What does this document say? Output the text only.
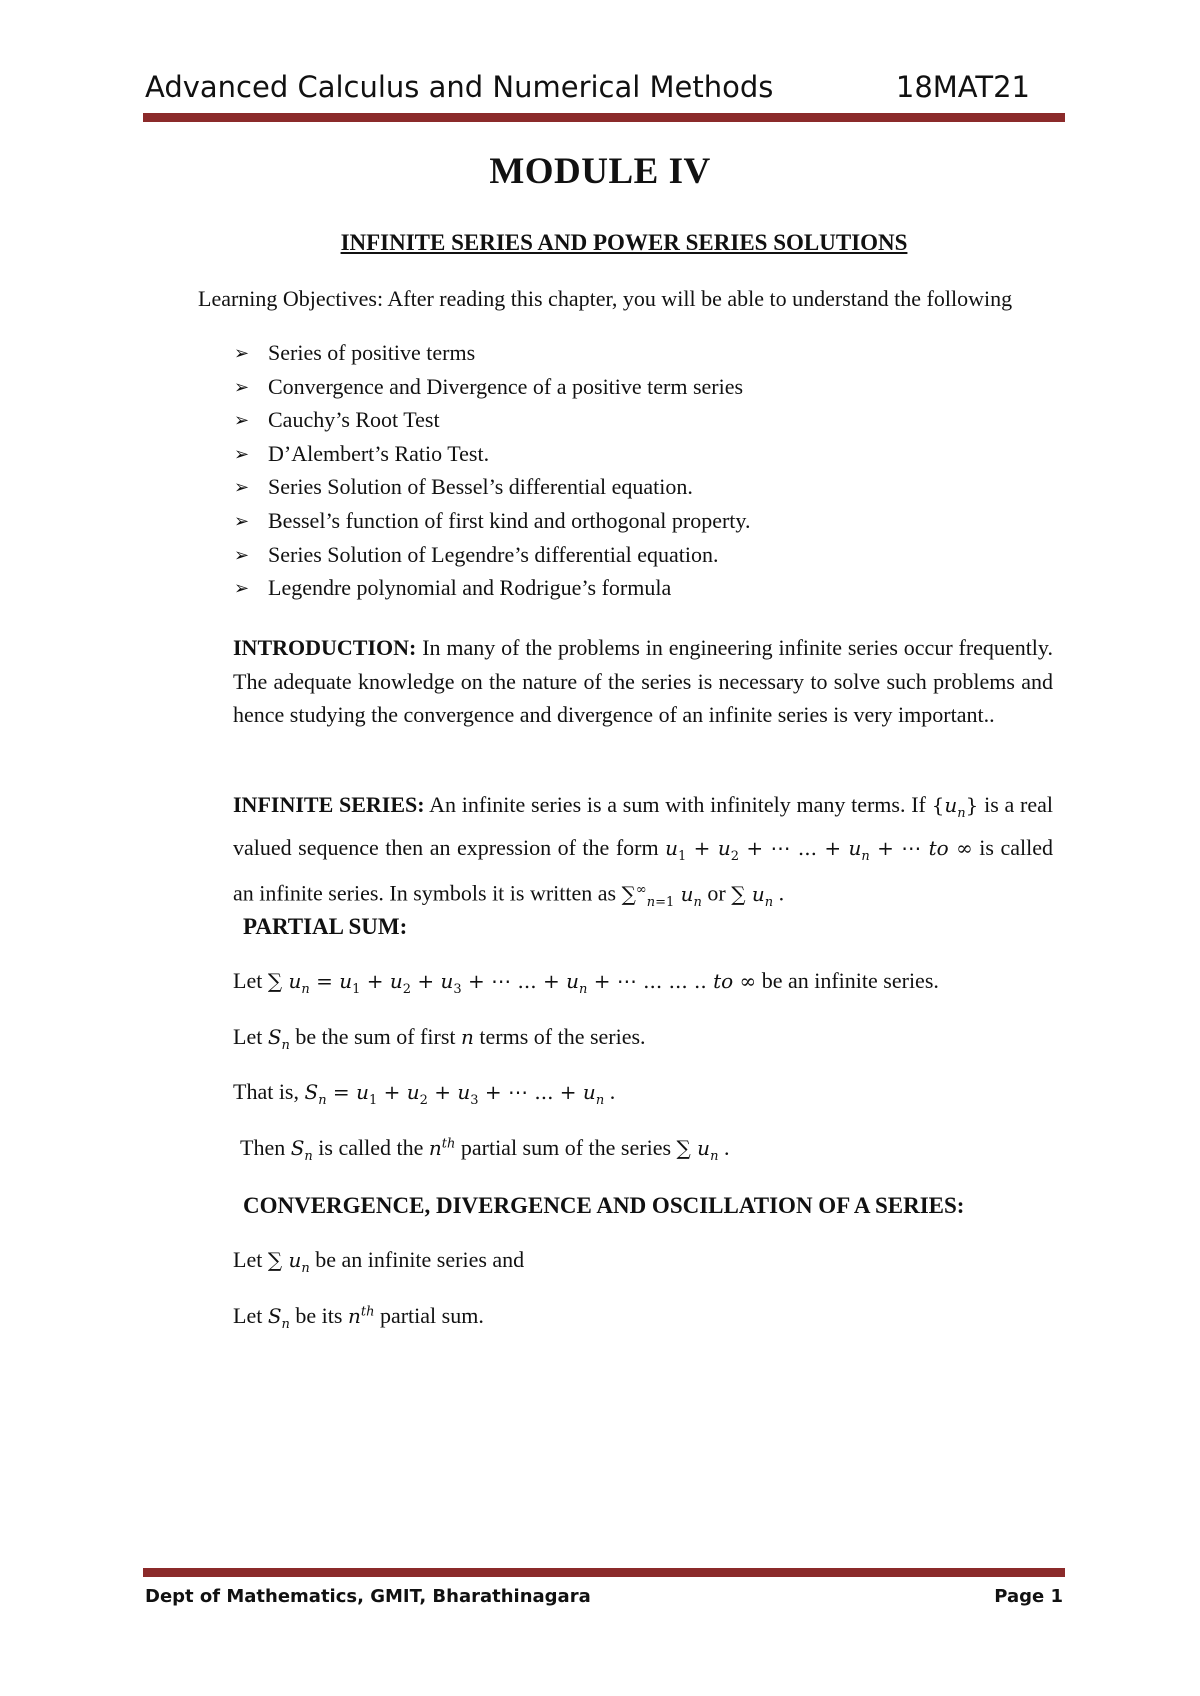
Advanced Calculus and Numerical Methods	18MAT21
MODULE IV
INFINITE SERIES AND POWER SERIES SOLUTIONS
Learning Objectives: After reading this chapter, you will be able to understand the following
➢ Series of positive terms
➢ Convergence and Divergence of a positive term series
➢ Cauchy’s Root Test
➢ D’Alembert’s Ratio Test.
➢ Series Solution of Bessel’s differential equation.
➢ Bessel’s function of first kind and orthogonal property.
➢ Series Solution of Legendre’s differential equation.
➢ Legendre polynomial and Rodrigue’s formula
INTRODUCTION: In many of the problems in engineering infinite series occur frequently. The adequate knowledge on the nature of the series is necessary to solve such problems and hence studying the convergence and divergence of an infinite series is very important..
INFINITE SERIES: An infinite series is a sum with infinitely many terms. If $\{u_n\}$ is a real valued sequence then an expression of the form $u_1 + u_2$ + ⋯ ... + $u_n$ + ⋯ to ∞ is called an infinite series. In symbols it is written as $\sum^\infty_{n=1}$ $u_n$ or ∑ $u_n$ .
PARTIAL SUM:
Let ∑ $u_n = u_1 + u_2 + u_3$ + ⋯ ... + $u_n$ + ⋯ ... ... .. to ∞ be an infinite series.
Let $S_n$ be the sum of first n terms of the series.
That is, $S_n = u_1 + u_2 + u_3$ + ⋯ ... + $u_n$ .
Then $S_n$ is called the $n^{th}$ partial sum of the series ∑ $u_n$ .
CONVERGENCE, DIVERGENCE AND OSCILLATION OF A SERIES:
Let ∑ $u_n$ be an infinite series and
Let $S_n$ be its $n^{th}$ partial sum.
Dept of Mathematics, GMIT, Bharathinagara	Page 1
